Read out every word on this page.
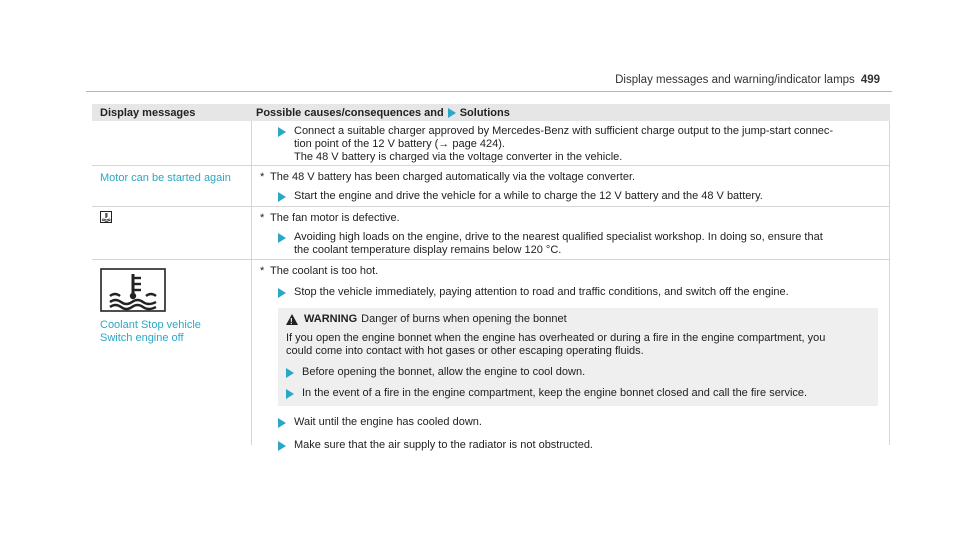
Display messages and warning/indicator lamps 499
Display messages	Possible causes/consequences and Solutions
Connect a suitable charger approved by Mercedes-Benz with sufficient charge output to the jump-start connec-
tion point of the 12 V battery (→ page 424).
The 48 V battery is charged via the voltage converter in the vehicle.
Motor can be started again	* The 48 V battery has been charged automatically via the voltage converter.
Start the engine and drive the vehicle for a while to charge the 12 V battery and the 48 V battery.
* The fan motor is defective.
Avoiding high loads on the engine, drive to the nearest qualified specialist workshop. In doing so, ensure that
the coolant temperature display remains below 120 °C.
Coolant Stop vehicle
Switch engine off
* The coolant is too hot.
Stop the vehicle immediately, paying attention to road and traffic conditions, and switch off the engine.
!
WARNING Danger of burns when opening the bonnet
If you open the engine bonnet when the engine has overheated or during a fire in the engine compartment, you
could come into contact with hot gases or other escaping operating fluids.
Before opening the bonnet, allow the engine to cool down.
In the event of a fire in the engine compartment, keep the engine bonnet closed and call the fire service.
Wait until the engine has cooled down.
Make sure that the air supply to the radiator is not obstructed.
